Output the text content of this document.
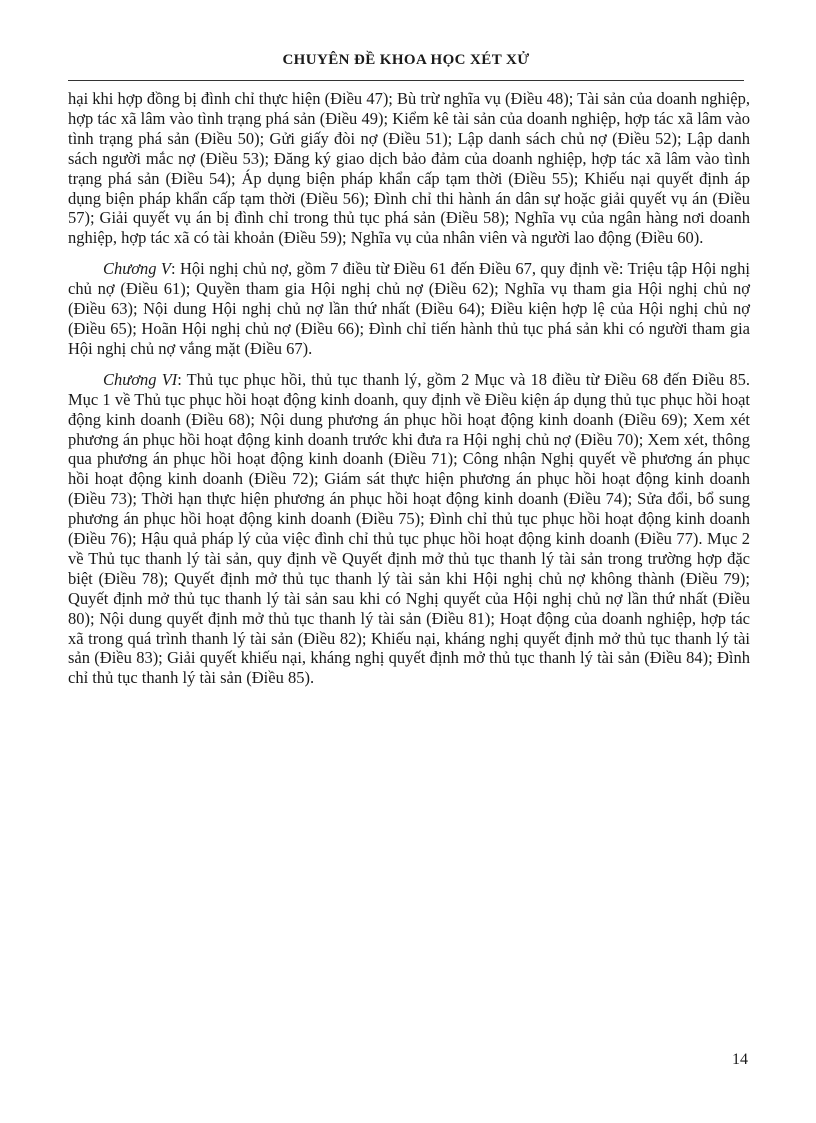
CHUYÊN ĐỀ KHOA HỌC XÉT XỬ

hại khi hợp đồng bị đình chỉ thực hiện (Điều 47); Bù trừ nghĩa vụ (Điều 48); Tài sản của doanh nghiệp, hợp tác xã lâm vào tình trạng phá sản (Điều 49); Kiểm kê tài sản của doanh nghiệp, hợp tác xã lâm vào tình trạng phá sản (Điều 50); Gửi giấy đòi nợ (Điều 51); Lập danh sách chủ nợ (Điều 52); Lập danh sách người mắc nợ (Điều 53); Đăng ký giao dịch bảo đảm của doanh nghiệp, hợp tác xã lâm vào tình trạng phá sản (Điều 54); Áp dụng biện pháp khẩn cấp tạm thời (Điều 55); Khiếu nại quyết định áp dụng biện pháp khẩn cấp tạm thời (Điều 56); Đình chỉ thi hành án dân sự hoặc giải quyết vụ án (Điều 57); Giải quyết vụ án bị đình chỉ trong thủ tục phá sản (Điều 58); Nghĩa vụ của ngân hàng nơi doanh nghiệp, hợp tác xã có tài khoản (Điều 59); Nghĩa vụ của nhân viên và người lao động (Điều 60).

Chương V: Hội nghị chủ nợ, gồm 7 điều từ Điều 61 đến Điều 67, quy định về: Triệu tập Hội nghị chủ nợ (Điều 61); Quyền tham gia Hội nghị chủ nợ (Điều 62); Nghĩa vụ tham gia Hội nghị chủ nợ (Điều 63); Nội dung Hội nghị chủ nợ lần thứ nhất (Điều 64); Điều kiện hợp lệ của Hội nghị chủ nợ (Điều 65); Hoãn Hội nghị chủ nợ (Điều 66); Đình chỉ tiến hành thủ tục phá sản khi có người tham gia Hội nghị chủ nợ vắng mặt (Điều 67).

Chương VI: Thủ tục phục hồi, thủ tục thanh lý, gồm 2 Mục và 18 điều từ Điều 68 đến Điều 85. Mục 1 về Thủ tục phục hồi hoạt động kinh doanh, quy định về Điều kiện áp dụng thủ tục phục hồi hoạt động kinh doanh (Điều 68); Nội dung phương án phục hồi hoạt động kinh doanh (Điều 69); Xem xét phương án phục hồi hoạt động kinh doanh trước khi đưa ra Hội nghị chủ nợ (Điều 70); Xem xét, thông qua phương án phục hồi hoạt động kinh doanh (Điều 71); Công nhận Nghị quyết về phương án phục hồi hoạt động kinh doanh (Điều 72); Giám sát thực hiện phương án phục hồi hoạt động kinh doanh (Điều 73); Thời hạn thực hiện phương án phục hồi hoạt động kinh doanh (Điều 74); Sửa đổi, bổ sung phương án phục hồi hoạt động kinh doanh (Điều 75); Đình chỉ thủ tục phục hồi hoạt động kinh doanh (Điều 76); Hậu quả pháp lý của việc đình chỉ thủ tục phục hồi hoạt động kinh doanh (Điều 77). Mục 2 về Thủ tục thanh lý tài sản, quy định về Quyết định mở thủ tục thanh lý tài sản trong trường hợp đặc biệt (Điều 78); Quyết định mở thủ tục thanh lý tài sản khi Hội nghị chủ nợ không thành (Điều 79); Quyết định mở thủ tục thanh lý tài sản sau khi có Nghị quyết của Hội nghị chủ nợ lần thứ nhất (Điều 80); Nội dung quyết định mở thủ tục thanh lý tài sản (Điều 81); Hoạt động của doanh nghiệp, hợp tác xã trong quá trình thanh lý tài sản (Điều 82); Khiếu nại, kháng nghị quyết định mở thủ tục thanh lý tài sản (Điều 83); Giải quyết khiếu nại, kháng nghị quyết định mở thủ tục thanh lý tài sản (Điều 84); Đình chỉ thủ tục thanh lý tài sản (Điều 85).

14
